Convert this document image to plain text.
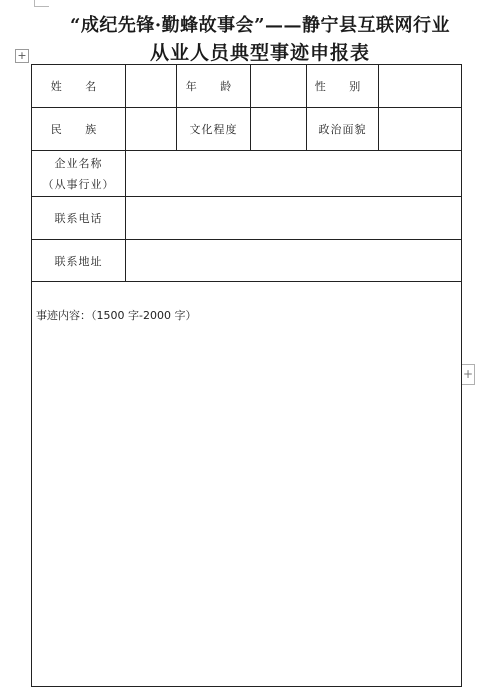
“成纪先锋·勤蜂故事会”——静宁县互联网行业
从业人员典型事迹申报表
+
+
姓 名		年 龄		性 别	
民 族		文化程度		政治面貌	

企业名称
（从事行业）					

联系电话					
联系地址					

事迹内容：（1500 字-2000 字）					
